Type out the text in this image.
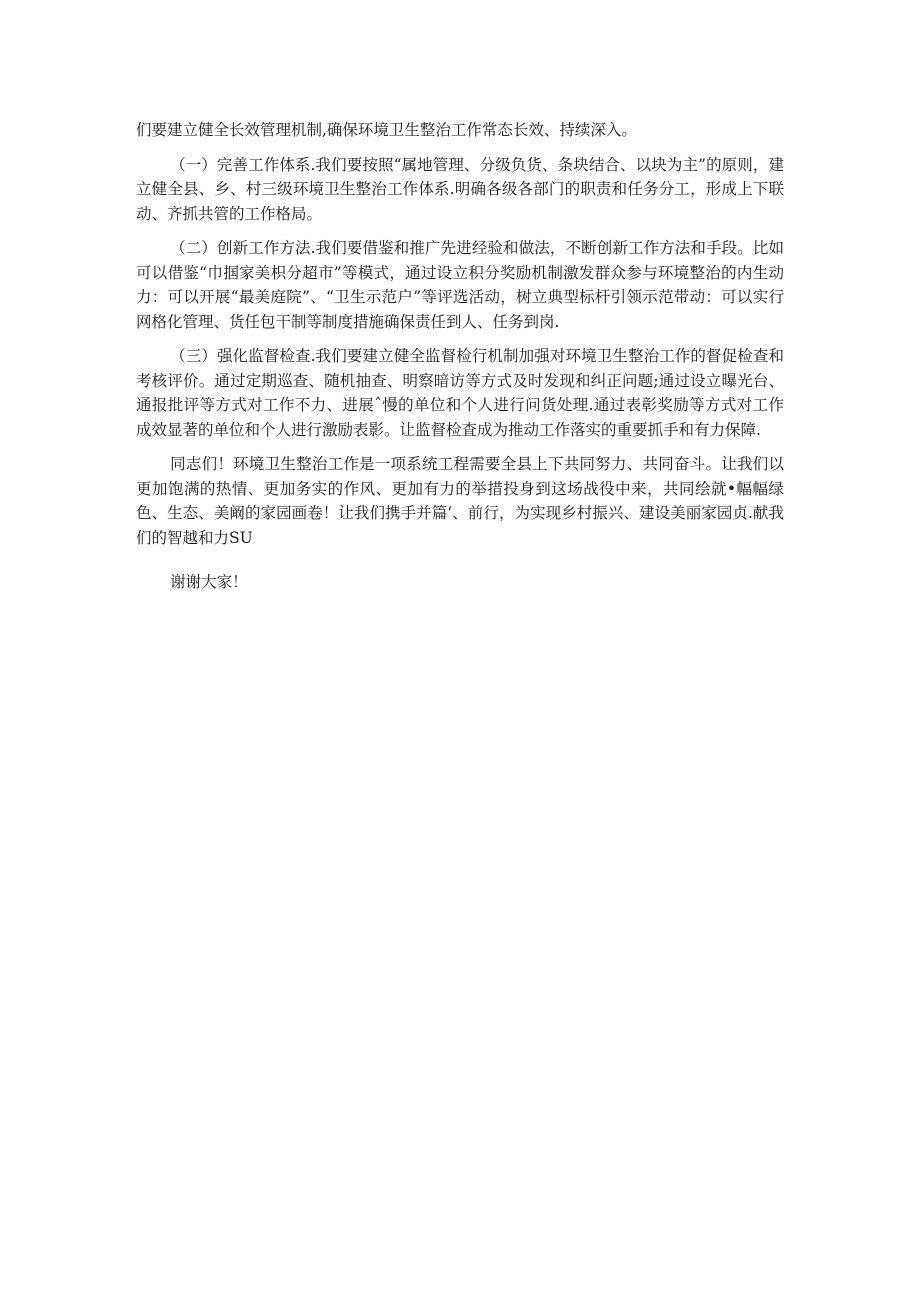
们要建立健全长效管理机制,确保环境卫生整治工作常态长效、持续深入。

（一）完善工作体系.我们要按照“属地管理、分级负货、条块结合、以块为主”的原则，建立健全县、乡、村三级环境卫生整治工作体系.明确各级各部门的职责和任务分工，形成上下联动、齐抓共管的工作格局。

（二）创新工作方法.我们要借鉴和推广先进经验和做法，不断创新工作方法和手段。比如可以借鉴“巾掴家美枳分超市”等模式，通过设立积分奖励机制激发群众参与环境整治的内生动力：可以开展“最美庭院”、“卫生示范户”等评选活动，树立典型标杆引领示范带动：可以实行网格化管理、货任包干制等制度措施确保责任到人、任务到岗.

（三）强化监督检查.我们要建立健全监督检行机制加强对环境卫生整治工作的督促检查和考核评价。通过定期巡查、随机抽查、明察暗访等方式及时发现和纠正问题;通过设立曝光台、通报批评等方式对工作不力、进展ˆ慢的单位和个人进行问货处理.通过表彰奖励等方式对工作成效显著的单位和个人进行激励表影。让监督检査成为推动工作落实的重要抓手和有力保障.

同志们！环境卫生整治工作是一项系统工程需要全县上下共同努力、共同奋斗。让我们以更加饱满的热情、更加务实的作风、更加有力的举措投身到这场战役中来，共同绘就•幅幅绿色、生态、美阚的家园画卷！让我们携手并篇‘、前行，为实现乡村振兴、建设美丽家园贞.献我们的智越和力SU

谢谢大家！
